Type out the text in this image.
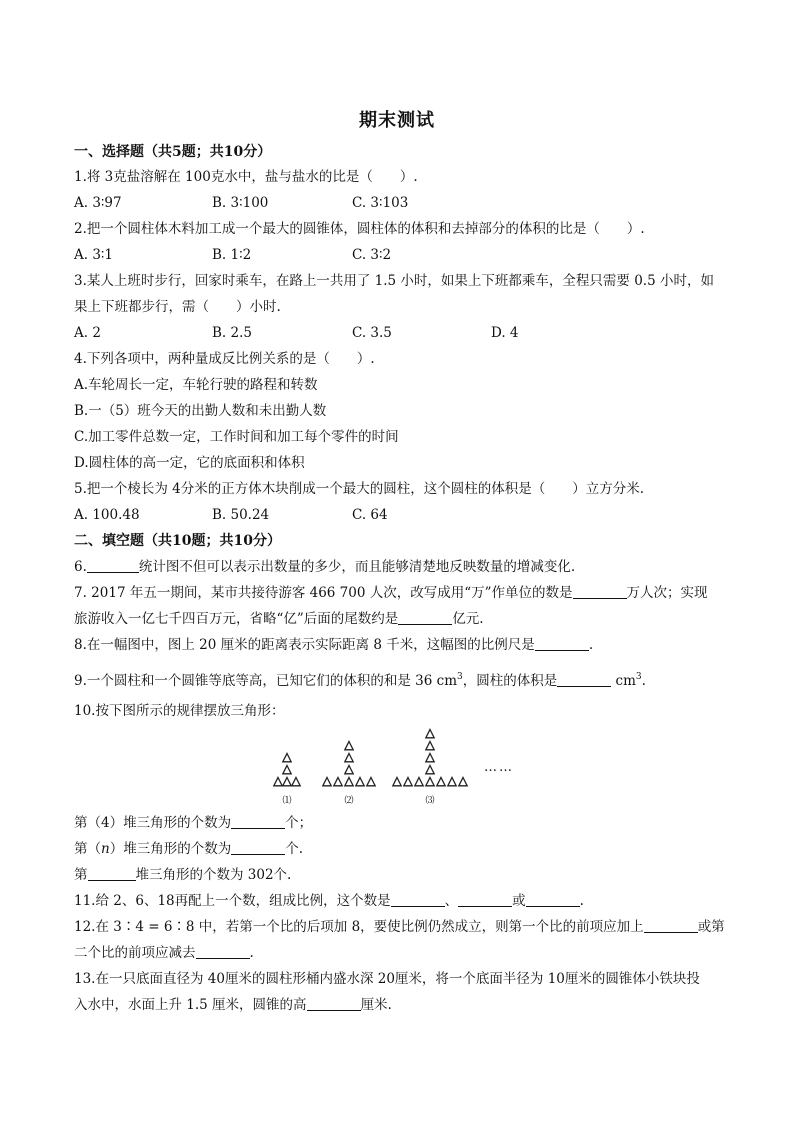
期末测试
一、选择题（共5题；共10分）
1.将 3克盐溶解在 100克水中，盐与盐水的比是（　　）.
A. 3∶97	B. 3∶100	C. 3∶103
2.把一个圆柱体木料加工成一个最大的圆锥体，圆柱体的体积和去掉部分的体积的比是（　　）.
A. 3∶1	B. 1∶2	C. 3∶2
3.某人上班时步行，回家时乘车，在路上一共用了 1.5 小时，如果上下班都乘车，全程只需要 0.5 小时，如
果上下班都步行，需（　　）小时.
A. 2	B. 2.5	C. 3.5	D. 4
4.下列各项中，两种量成反比例关系的是（　　）.
A.车轮周长一定，车轮行驶的路程和转数
B.一（5）班今天的出勤人数和未出勤人数
C.加工零件总数一定，工作时间和加工每个零件的时间
D.圆柱体的高一定，它的底面积和体积
5.把一个棱长为 4分米的正方体木块削成一个最大的圆柱，这个圆柱的体积是（　　）立方分米.
A. 100.48	B. 50.24	C. 64
二、填空题（共10题；共10分）
6.	统计图不但可以表示出数量的多少，而且能够清楚地反映数量的增减变化.
7. 2017 年五一期间，某市共接待游客 466 700 人次，改写成用“万”作单位的数是	万人次；实现
旅游收入一亿七千四百万元，省略“亿”后面的尾数约是	亿元.
8.在一幅图中，图上 20 厘米的距离表示实际距离 8 千米，这幅图的比例尺是	.
9.一个圆柱和一个圆锥等底等高，已知它们的体积的和是 36 $cm^3$，圆柱的体积是	$cm^3$.
10.按下图所示的规律摆放三角形：
⑴	⑵	⑶
……
第（4）堆三角形的个数为	个；
第（n）堆三角形的个数为	个.
第	堆三角形的个数为 302个.
11.给 2、6、18再配上一个数，组成比例，这个数是	、	或	.
12.在 3∶4 = 6∶8 中，若第一个比的后项加 8，要使比例仍然成立，则第一个比的前项应加上	或第
二个比的前项应减去	.
13.在一只底面直径为 40厘米的圆柱形桶内盛水深 20厘米，将一个底面半径为 10厘米的圆锥体小铁块投
入水中，水面上升 1.5 厘米，圆锥的高	厘米.
